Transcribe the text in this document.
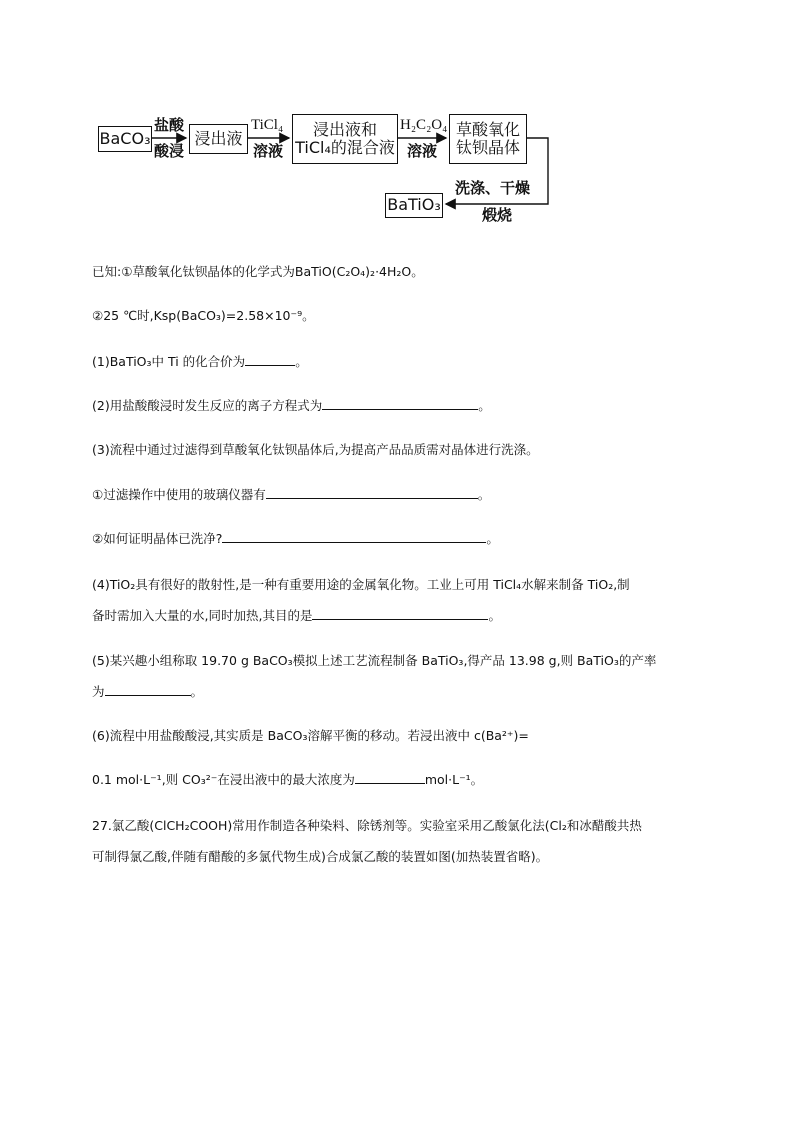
BaCO₃	浸出液	浸出液和
TiCl₄的混合液
草酸氧化
钛钡晶体
BaTiO₃
盐酸
酸浸
TiCl₄
溶液
H₂C₂O₄
溶液
洗涤、干燥
煅烧
已知:①草酸氧化钛钡晶体的化学式为BaTiO(C₂O₄)₂·4H₂O。
②25 ℃时,Ksp(BaCO₃)=2.58×10⁻⁹。
(1)BaTiO₃中 Ti 的化合价为	。
(2)用盐酸酸浸时发生反应的离子方程式为	。
(3)流程中通过过滤得到草酸氧化钛钡晶体后,为提高产品品质需对晶体进行洗涤。
①过滤操作中使用的玻璃仪器有	。
②如何证明晶体已洗净?	。
(4)TiO₂具有很好的散射性,是一种有重要用途的金属氧化物。工业上可用 TiCl₄水解来制备 TiO₂,制
备时需加入大量的水,同时加热,其目的是	。
(5)某兴趣小组称取 19.70 g BaCO₃模拟上述工艺流程制备 BaTiO₃,得产品 13.98 g,则 BaTiO₃的产率
为	。
(6)流程中用盐酸酸浸,其实质是 BaCO₃溶解平衡的移动。若浸出液中 c(Ba²⁺)=
0.1 mol·L⁻¹,则 CO₃²⁻在浸出液中的最大浓度为	mol·L⁻¹。
27.氯乙酸(ClCH₂COOH)常用作制造各种染料、除锈剂等。实验室采用乙酸氯化法(Cl₂和冰醋酸共热
可制得氯乙酸,伴随有醋酸的多氯代物生成)合成氯乙酸的装置如图(加热装置省略)。
